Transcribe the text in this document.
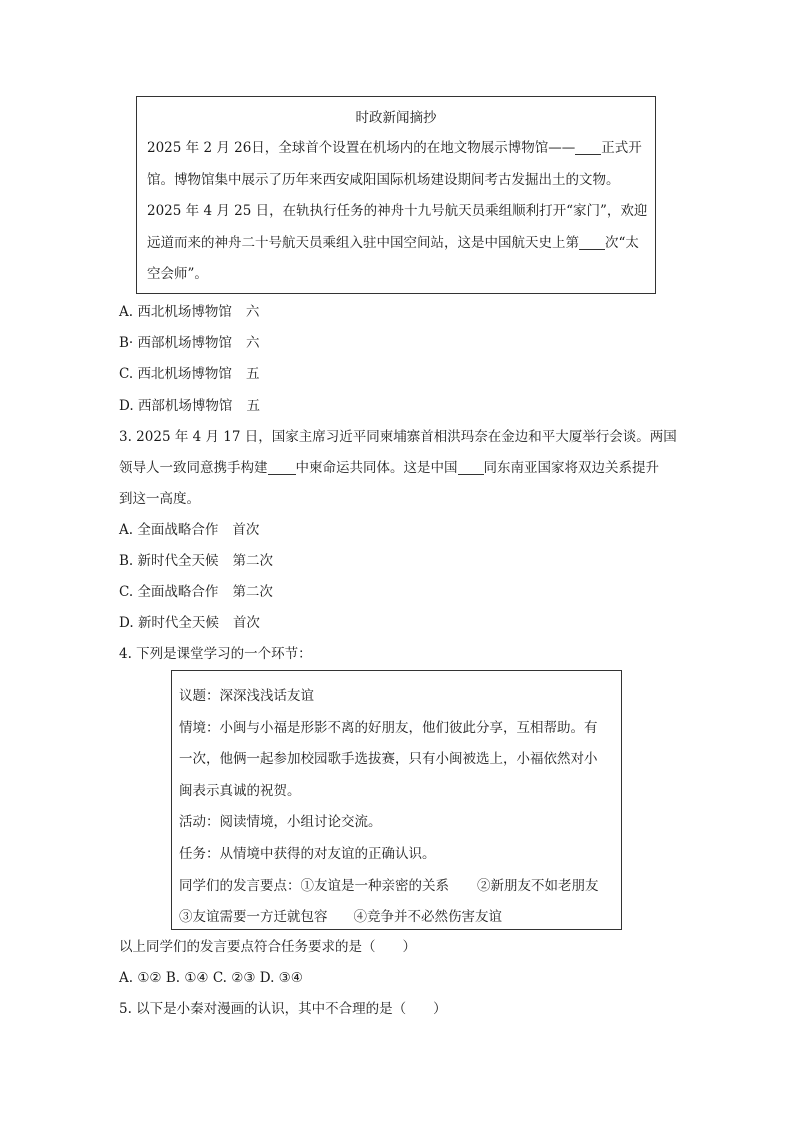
时政新闻摘抄
2025 年 2 月 26日，全球首个设置在机场内的在地文物展示博物馆—— 正式开
馆。博物馆集中展示了历年来西安咸阳国际机场建设期间考古发掘出土的文物。
2025 年 4 月 25 日，在轨执行任务的神舟十九号航天员乘组顺利打开“家门”，欢迎
远道而来的神舟二十号航天员乘组入驻中国空间站，这是中国航天史上第 次“太
空会师”。
A. 西北机场博物馆 六
B· 西部机场博物馆 六
C. 西北机场博物馆 五
D. 西部机场博物馆 五
3. 2025 年 4 月 17 日，国家主席习近平同柬埔寨首相洪玛奈在金边和平大厦举行会谈。两国
领导人一致同意携手构建 中柬命运共同体。这是中国 同东南亚国家将双边关系提升
到这一高度。
A. 全面战略合作 首次
B. 新时代全天候 第二次
C. 全面战略合作 第二次
D. 新时代全天候 首次
4. 下列是课堂学习的一个环节：
议题：深深浅浅话友谊
情境：小闽与小福是形影不离的好朋友，他们彼此分享，互相帮助。有
一次，他俩一起参加校园歌手选拔赛，只有小闽被选上，小福依然对小
闽表示真诚的祝贺。
活动：阅读情境，小组讨论交流。
任务：从情境中获得的对友谊的正确认识。
同学们的发言要点：①友谊是一种亲密的关系 ②新朋友不如老朋友
③友谊需要一方迁就包容 ④竞争并不必然伤害友谊
以上同学们的发言要点符合任务要求的是（　　）
A. ①② B. ①④ C. ②③ D. ③④
5. 以下是小秦对漫画的认识，其中不合理的是（　　）
